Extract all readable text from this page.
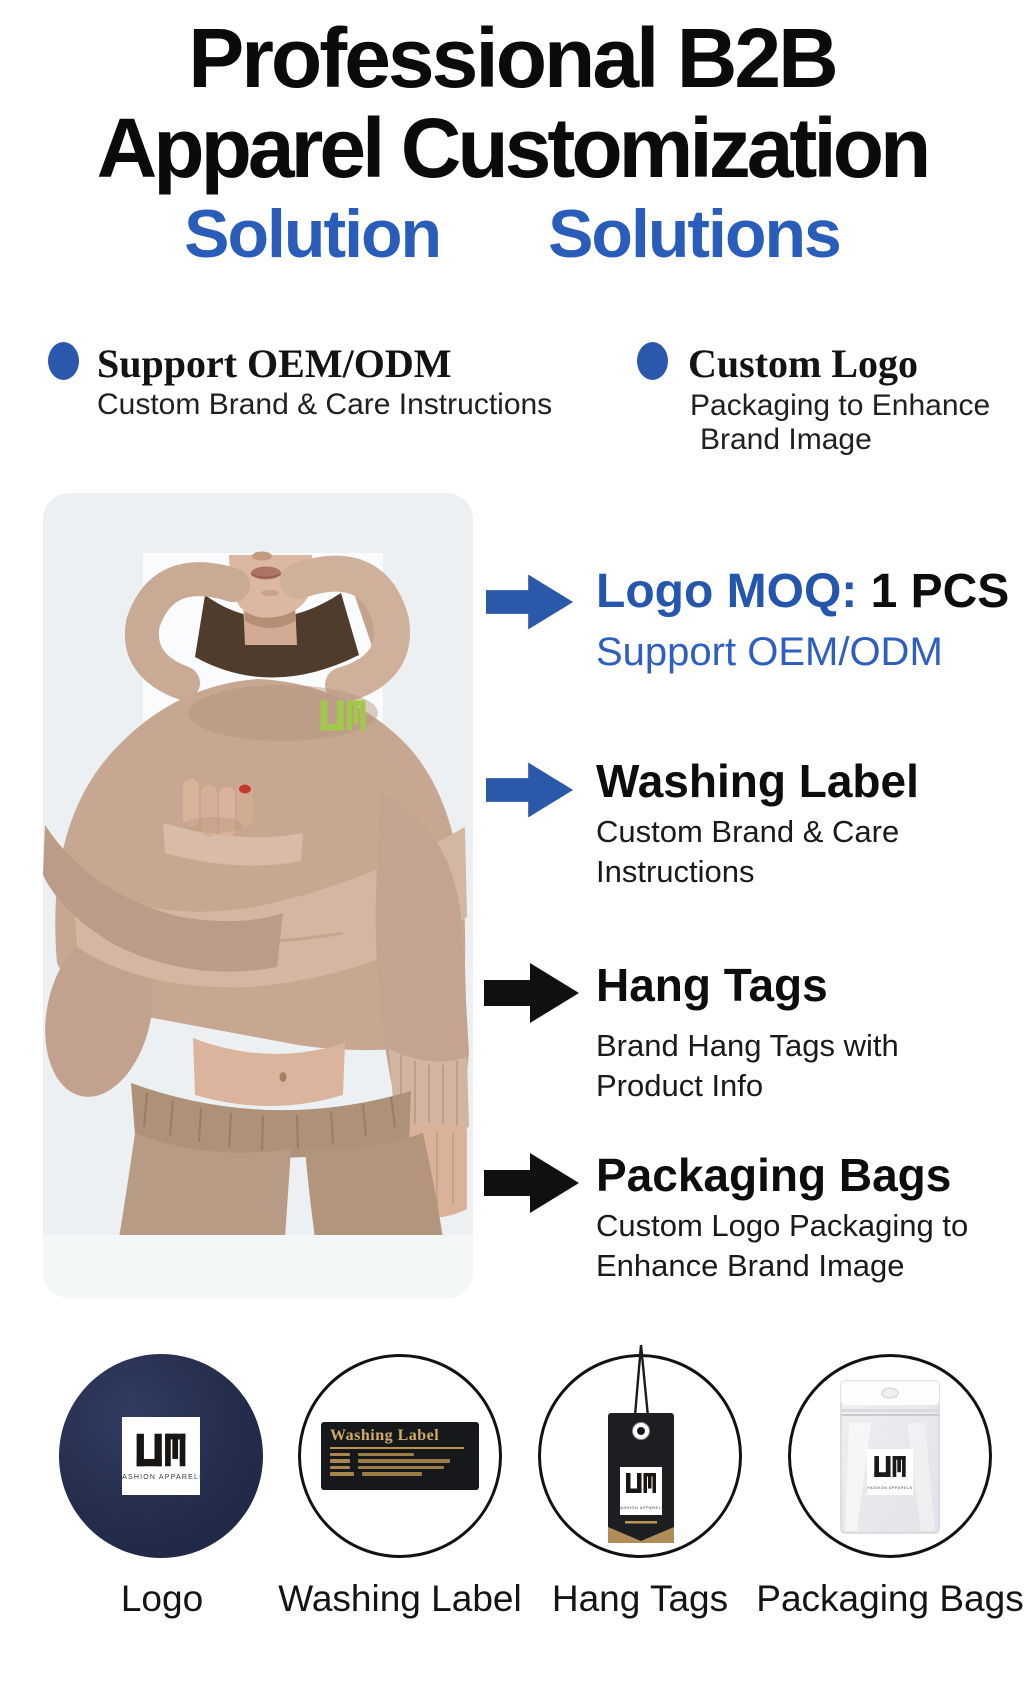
Professional B2B
Apparel Customization
Solution Solutions
Support OEM/ODM
Custom Brand & Care Instructions
Custom Logo
Packaging to Enhance
Brand Image
Logo MOQ: 1 PCS
Support OEM/ODM
Washing Label
Custom Brand & Care
Instructions
Hang Tags
Brand Hang Tags with
Product Info
Packaging Bags
Custom Logo Packaging to
Enhance Brand Image
FASHION APPARELS
Washing Label
FASHION APPARELS
FASHION APPARELS
Logo Washing Label Hang Tags Packaging Bags
